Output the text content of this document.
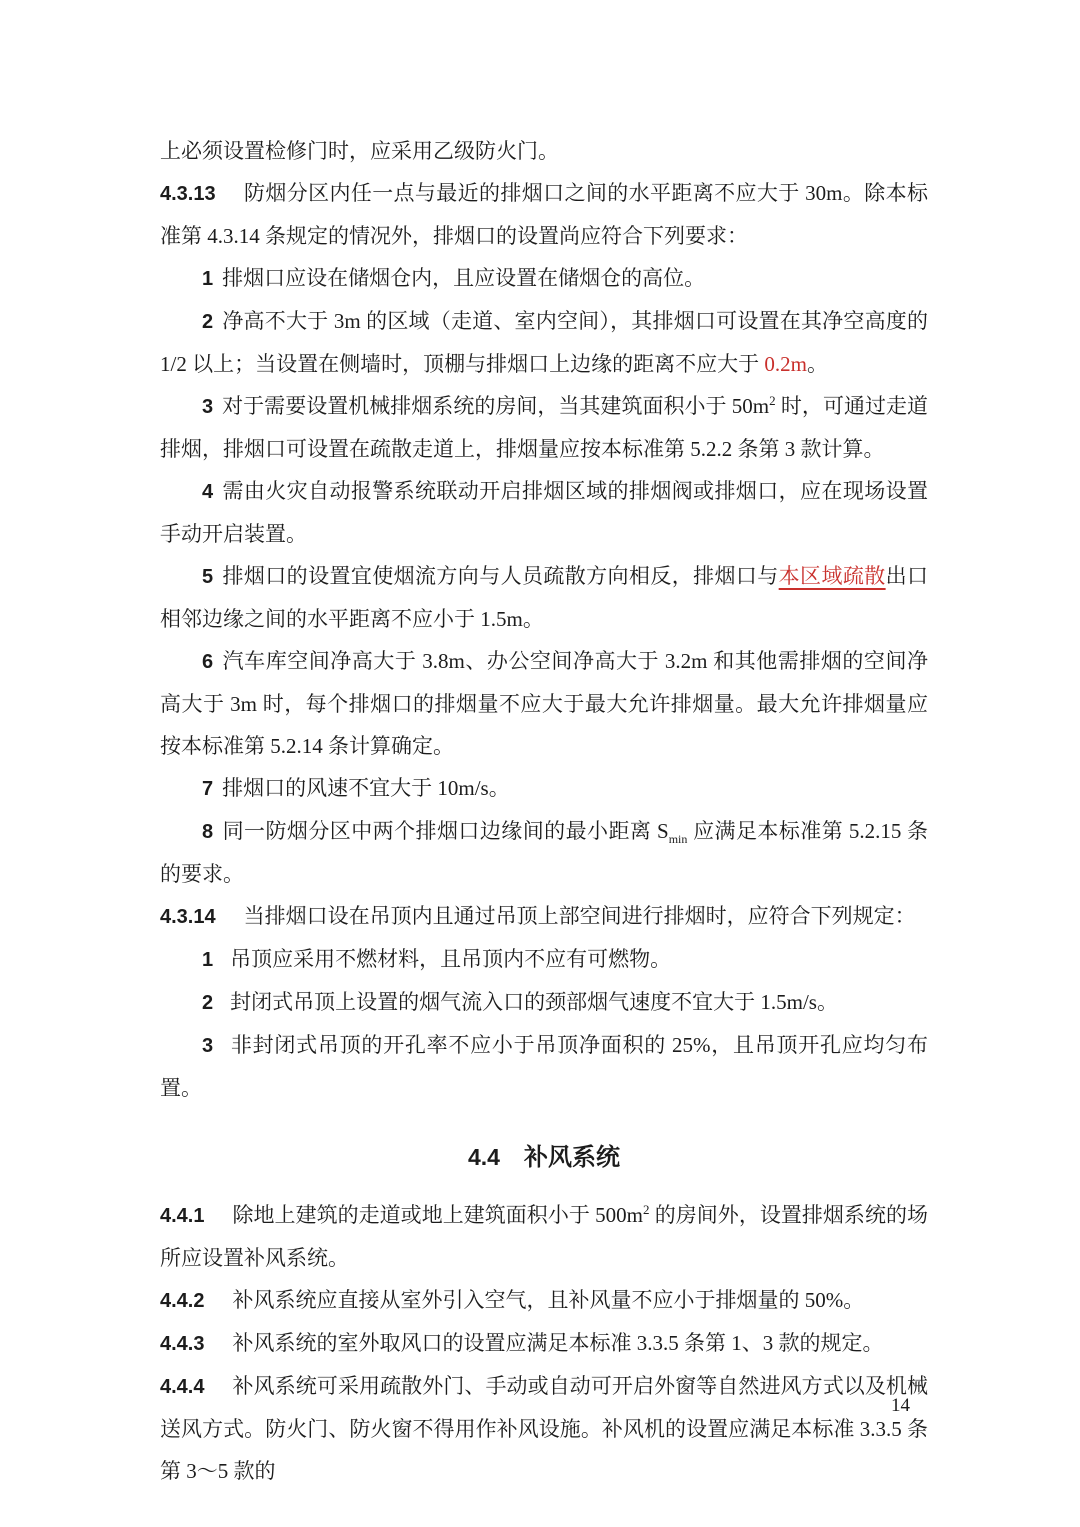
上必须设置检修门时，应采用乙级防火门。

4.3.13 防烟分区内任一点与最近的排烟口之间的水平距离不应大于 30m。除本标准第 4.3.14 条规定的情况外，排烟口的设置尚应符合下列要求：

1 排烟口应设在储烟仓内，且应设置在储烟仓的高位。

2 净高不大于 3m 的区域（走道、室内空间），其排烟口可设置在其净空高度的 1/2 以上；当设置在侧墙时，顶棚与排烟口上边缘的距离不应大于 0.2m。

3 对于需要设置机械排烟系统的房间，当其建筑面积小于 $50m^2$ 时，可通过走道排烟，排烟口可设置在疏散走道上，排烟量应按本标准第 5.2.2 条第 3 款计算。

4 需由火灾自动报警系统联动开启排烟区域的排烟阀或排烟口，应在现场设置手动开启装置。

5 排烟口的设置宜使烟流方向与人员疏散方向相反，排烟口与本区域疏散出口相邻边缘之间的水平距离不应小于 1.5m。

6 汽车库空间净高大于 3.8m、办公空间净高大于 3.2m 和其他需排烟的空间净高大于 3m 时，每个排烟口的排烟量不应大于最大允许排烟量。最大允许排烟量应按本标准第 5.2.14 条计算确定。

7 排烟口的风速不宜大于 10m/s。

8 同一防烟分区中两个排烟口边缘间的最小距离 $S_{min}$ 应满足本标准第 5.2.15 条的要求。

4.3.14 当排烟口设在吊顶内且通过吊顶上部空间进行排烟时，应符合下列规定：

1 吊顶应采用不燃材料，且吊顶内不应有可燃物。

2 封闭式吊顶上设置的烟气流入口的颈部烟气速度不宜大于 1.5m/s。

3 非封闭式吊顶的开孔率不应小于吊顶净面积的 25%，且吊顶开孔应均匀布置。

4.4 补风系统

4.4.1 除地上建筑的走道或地上建筑面积小于 $500m^2$ 的房间外，设置排烟系统的场所应设置补风系统。

4.4.2 补风系统应直接从室外引入空气，且补风量不应小于排烟量的 50%。

4.4.3 补风系统的室外取风口的设置应满足本标准 3.3.5 条第 1、3 款的规定。

4.4.4 补风系统可采用疏散外门、手动或自动可开启外窗等自然进风方式以及机械送风方式。防火门、防火窗不得用作补风设施。补风机的设置应满足本标准 3.3.5 条第 3～5 款的

14
